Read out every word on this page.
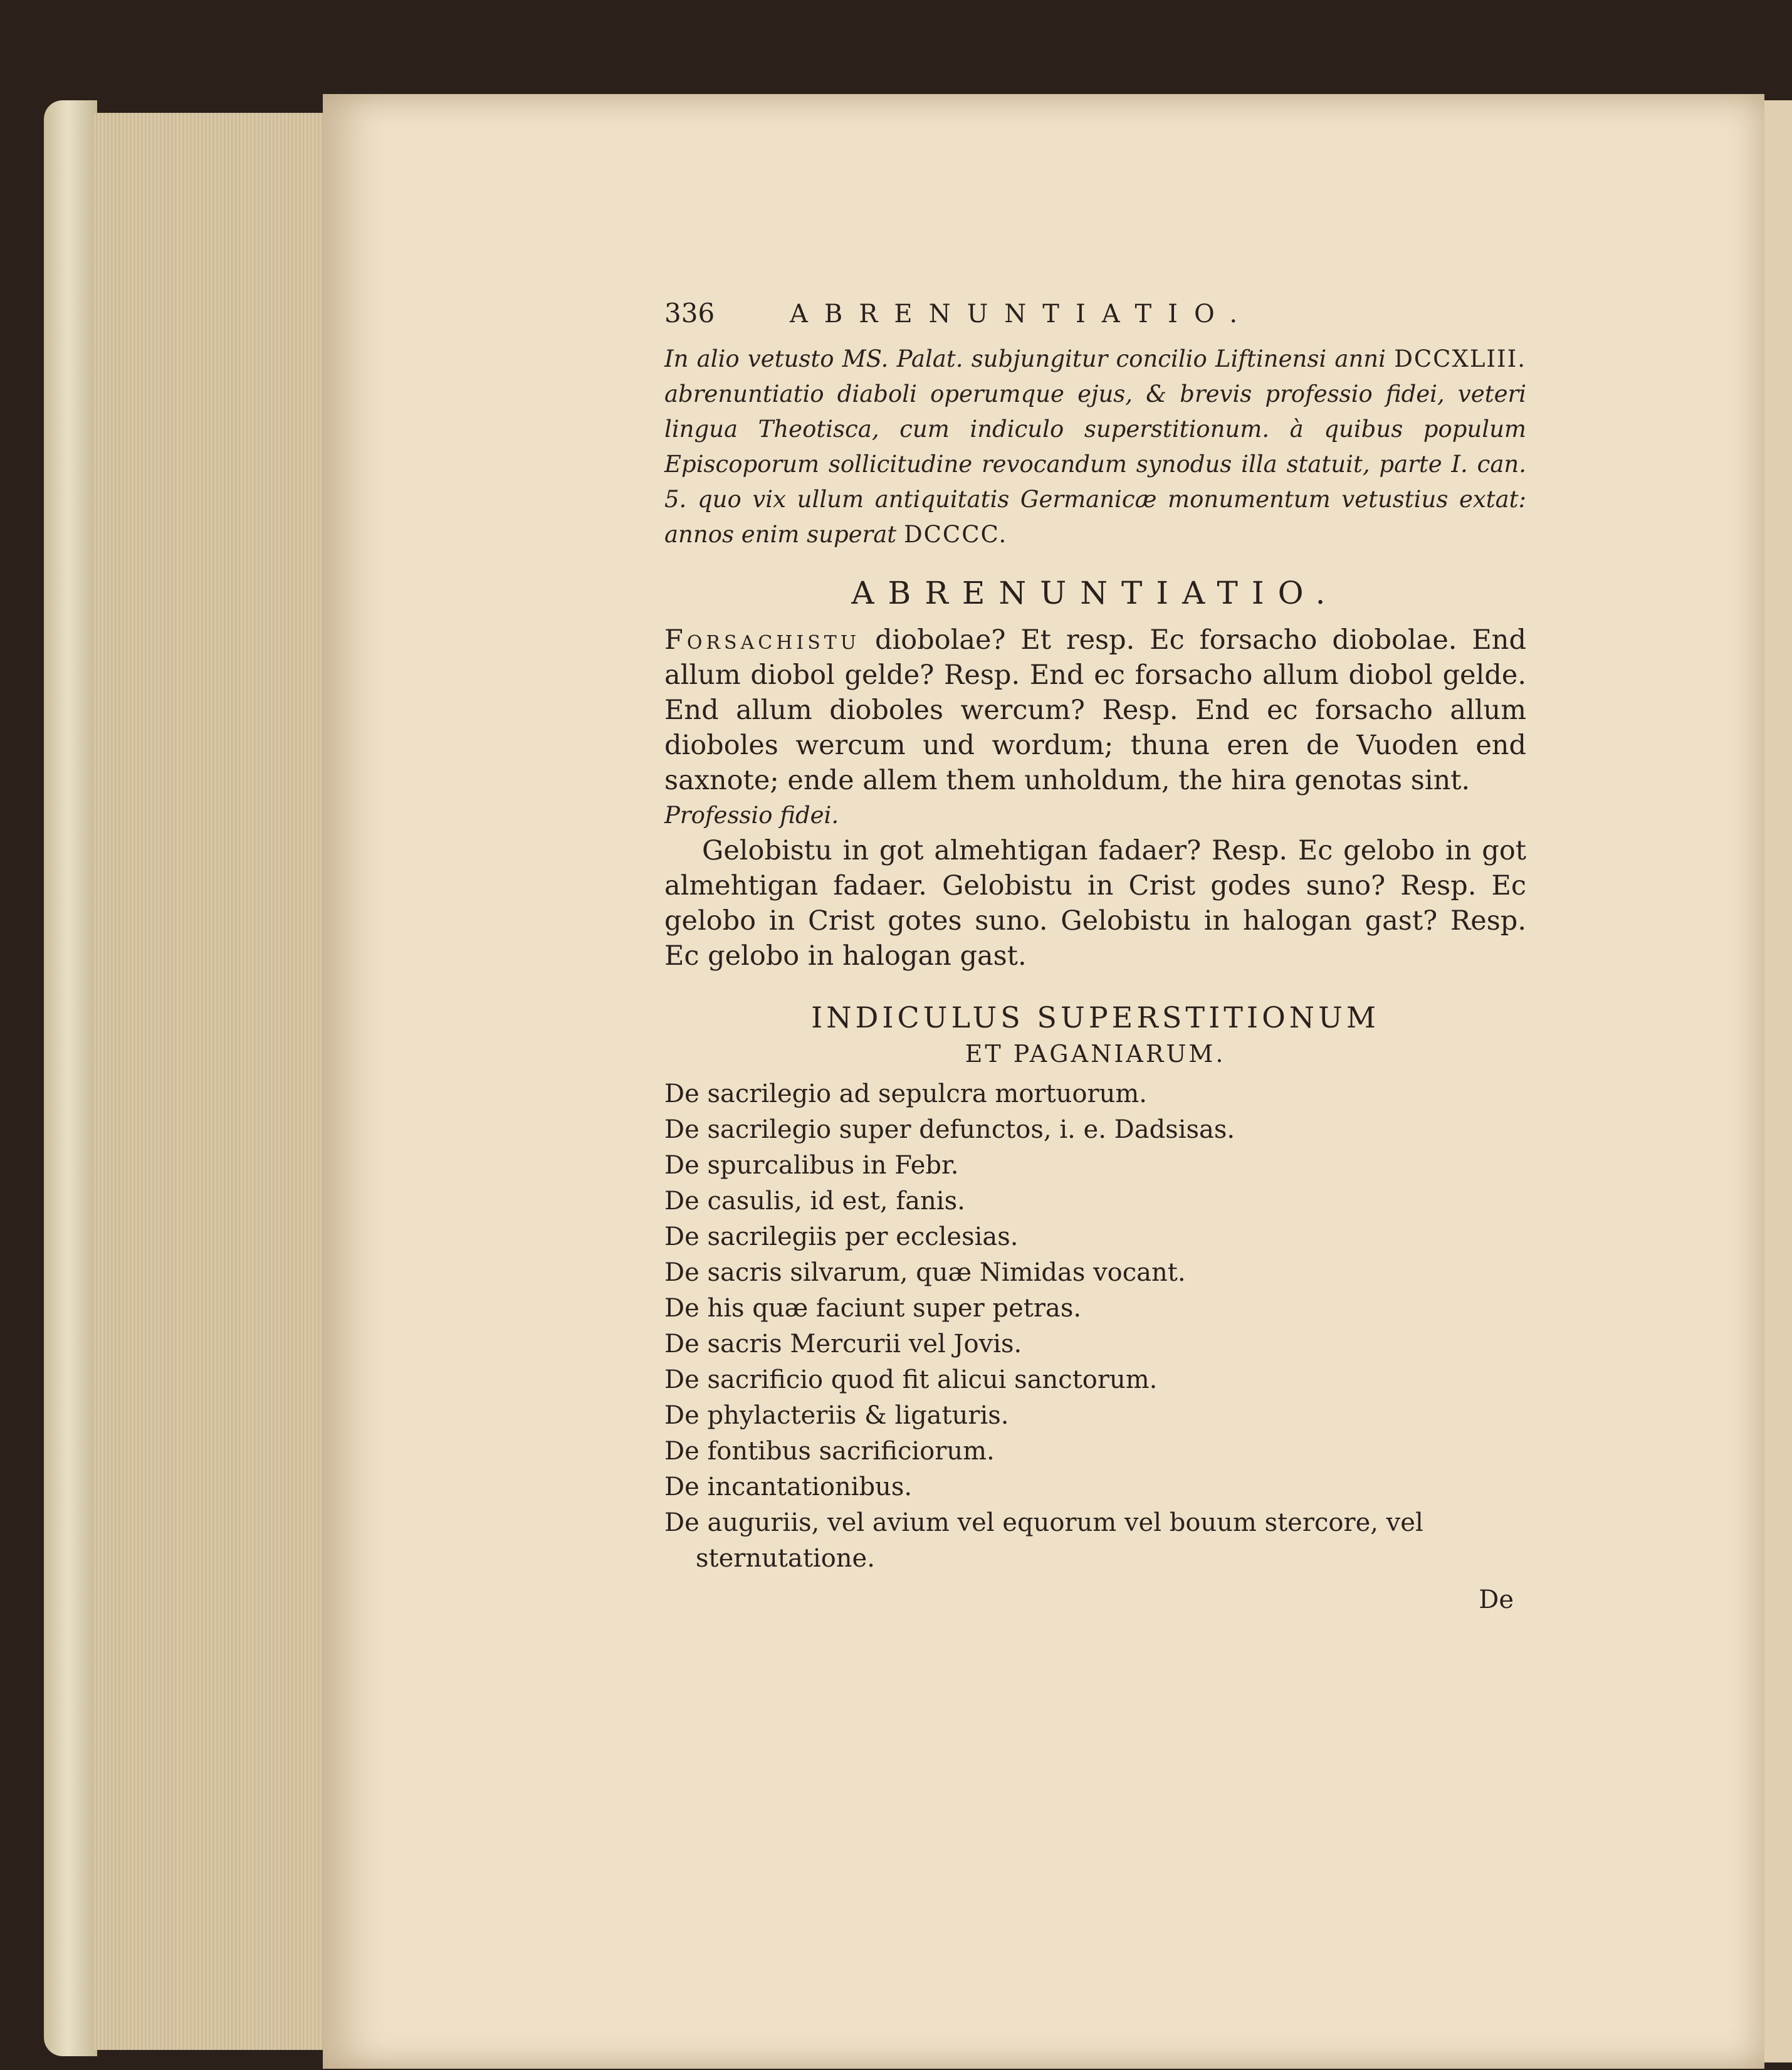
336	ABRENUNTIATIO.

In alio vetusto MS. Palat. subjungitur concilio Liftinensi anni DCCXLIII. abrenuntiatio diaboli operumque ejus, & brevis professio fidei, veteri lingua Theotisca, cum indiculo superstitionum. à quibus populum Episcoporum sollicitudine revocandum synodus illa statuit, parte I. can. 5. quo vix ullum antiquitatis Germanicæ monumentum vetustius extat: annos enim superat DCCCC.

ABRENUNTIATIO.

Forsachistu diobolae? Et resp. Ec forsacho diobolae. End allum diobol gelde? Resp. End ec forsacho allum diobol gelde. End allum dioboles wercum? Resp. End ec forsacho allum dioboles wercum und wordum; thuna eren de Vuoden end saxnote; ende allem them unholdum, the hira genotas sint.

Professio fidei.

Gelobistu in got almehtigan fadaer? Resp. Ec gelobo in got almehtigan fadaer. Gelobistu in Crist godes suno? Resp. Ec gelobo in Crist gotes suno. Gelobistu in halogan gast? Resp. Ec gelobo in halogan gast.

INDICULUS SUPERSTITIONUM

ET PAGANIARUM.

De sacrilegio ad sepulcra mortuorum.
De sacrilegio super defunctos, i. e. Dadsisas.
De spurcalibus in Febr.
De casulis, id est, fanis.
De sacrilegiis per ecclesias.
De sacris silvarum, quæ Nimidas vocant.
De his quæ faciunt super petras.
De sacris Mercurii vel Jovis.
De sacrificio quod fit alicui sanctorum.
De phylacteriis & ligaturis.
De fontibus sacrificiorum.
De incantationibus.
De auguriis, vel avium vel equorum vel bouum stercore, vel sternutatione.
De
